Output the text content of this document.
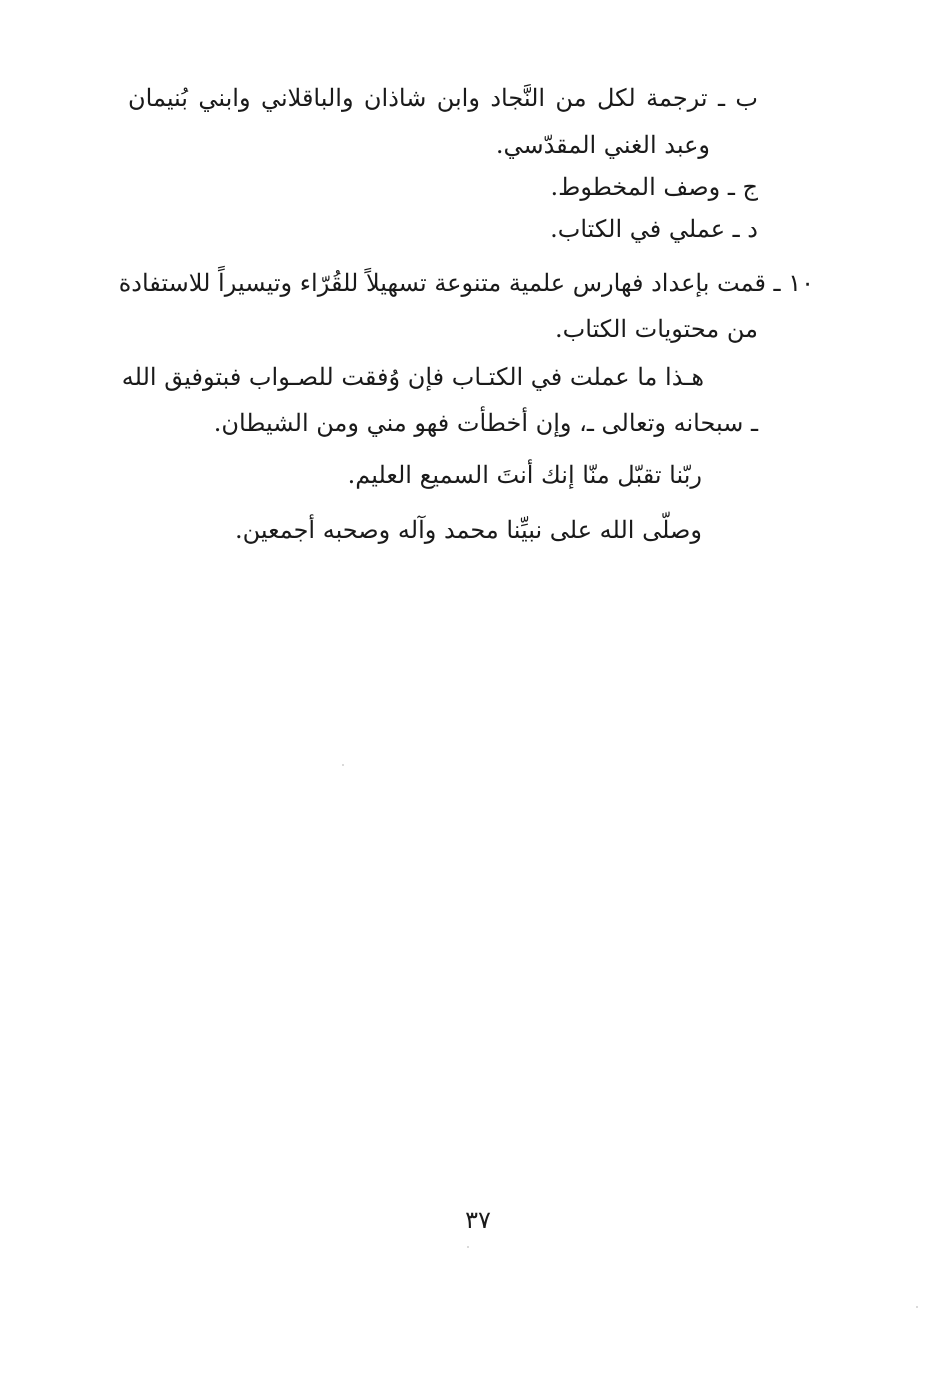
ب ـ ترجمة لكل من النَّجاد وابن شاذان والباقلاني وابني بُنيمان
وعبد الغني المقدّسي.
ج ـ وصف المخطوط.
د ـ عملي في الكتاب.
١٠ ـ قمت بإعداد فهارس علمية متنوعة تسهيلاً للقُرّاء وتيسيراً للاستفادة
من محتويات الكتاب.
هـذا ما عملت في الكتـاب فإن وُفقت للصـواب فبتوفيق الله
ـ سبحانه وتعالى ـ، وإن أخطأت فهو مني ومن الشيطان.
ربّنا تقبّل منّا إنك أنتَ السميع العليم.
وصلّى الله على نبيِّنا محمد وآله وصحبه أجمعين.
٣٧
